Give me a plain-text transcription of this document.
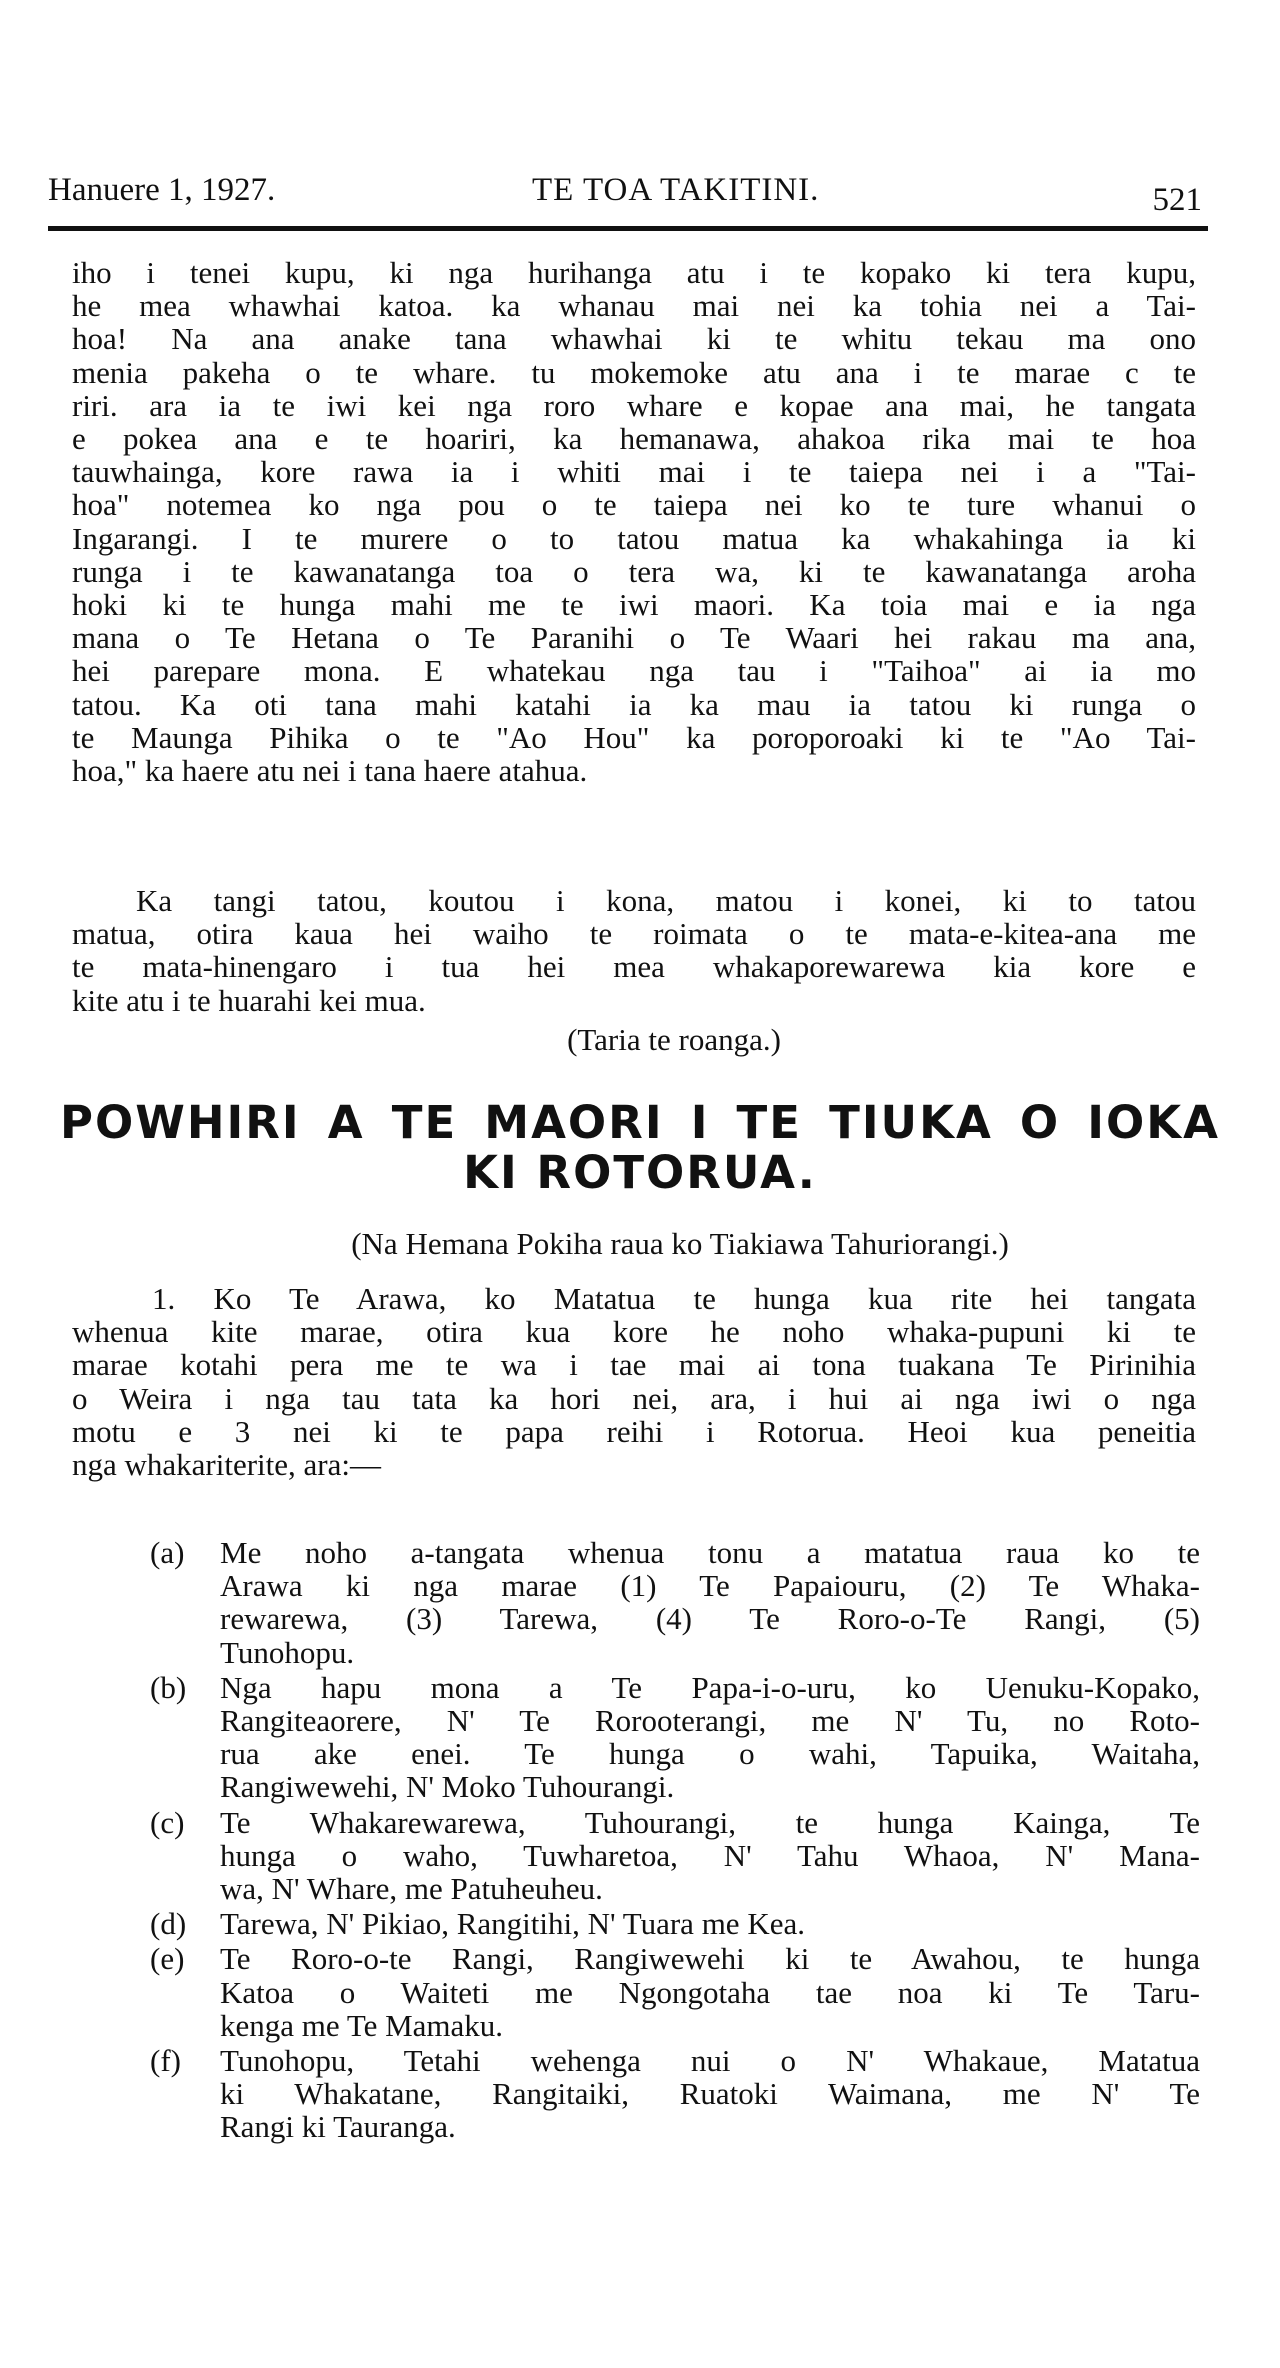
Hanuere 1, 1927.	TE TOA TAKITINI.	521

iho i tenei kupu, ki nga hurihanga atu i te kopako ki tera kupu,
he mea whawhai katoa. ka whanau mai nei ka tohia nei a Tai-
hoa! Na ana anake tana whawhai ki te whitu tekau ma ono
menia pakeha o te whare. tu mokemoke atu ana i te marae c te
riri. ara ia te iwi kei nga roro whare e kopae ana mai, he tangata
e pokea ana e te hoariri, ka hemanawa, ahakoa rika mai te hoa
tauwhainga, kore rawa ia i whiti mai i te taiepa nei i a "Tai-
hoa" notemea ko nga pou o te taiepa nei ko te ture whanui o
Ingarangi. I te murere o to tatou matua ka whakahinga ia ki
runga i te kawanatanga toa o tera wa, ki te kawanatanga aroha
hoki ki te hunga mahi me te iwi maori. Ka toia mai e ia nga
mana o Te Hetana o Te Paranihi o Te Waari hei rakau ma ana,
hei parepare mona. E whatekau nga tau i "Taihoa" ai ia mo
tatou. Ka oti tana mahi katahi ia ka mau ia tatou ki runga o
te Maunga Pihika o te "Ao Hou" ka poroporoaki ki te "Ao Tai-
hoa," ka haere atu nei i tana haere atahua.

Ka tangi tatou, koutou i kona, matou i konei, ki to tatou
matua, otira kaua hei waiho te roimata o te mata-e-kitea-ana me
te mata-hinengaro i tua hei mea whakaporewarewa kia kore e
kite atu i te huarahi kei mua.

(Taria te roanga.)
POWHIRI A TE MAORI I TE TIUKA O IOKA
KI ROTORUA.
(Na Hemana Pokiha raua ko Tiakiawa Tahuriorangi.)

1. Ko Te Arawa, ko Matatua te hunga kua rite hei tangata
whenua kite marae, otira kua kore he noho whaka-pupuni ki te
marae kotahi pera me te wa i tae mai ai tona tuakana Te Pirinihia
o Weira i nga tau tata ka hori nei, ara, i hui ai nga iwi o nga
motu e 3 nei ki te papa reihi i Rotorua. Heoi kua peneitia
nga whakariterite, ara:—

(a) Me noho a-tangata whenua tonu a matatua raua ko te
Arawa ki nga marae (1) Te Papaiouru, (2) Te Whaka-
rewarewa, (3) Tarewa, (4) Te Roro-o-Te Rangi, (5)
Tunohopu.
(b) Nga hapu mona a Te Papa-i-o-uru, ko Uenuku-Kopako,
Rangiteaorere, N' Te Rorooterangi, me N' Tu, no Roto-
rua ake enei. Te hunga o wahi, Tapuika, Waitaha,
Rangiwewehi, N' Moko Tuhourangi.
(c) Te Whakarewarewa, Tuhourangi, te hunga Kainga, Te
hunga o waho, Tuwharetoa, N' Tahu Whaoa, N' Mana-
wa, N' Whare, me Patuheuheu.
(d) Tarewa, N' Pikiao, Rangitihi, N' Tuara me Kea.
(e) Te Roro-o-te Rangi, Rangiwewehi ki te Awahou, te hunga
Katoa o Waiteti me Ngongotaha tae noa ki Te Taru-
kenga me Te Mamaku.
(f) Tunohopu, Tetahi wehenga nui o N' Whakaue, Matatua
ki Whakatane, Rangitaiki, Ruatoki Waimana, me N' Te
Rangi ki Tauranga.
